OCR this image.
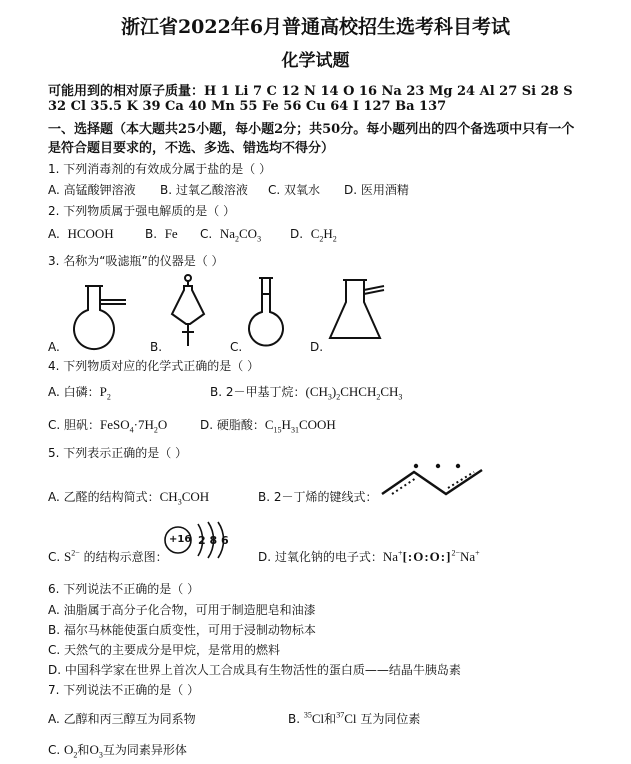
浙江省2022年6月普通高校招生选考科目考试
化学试题
可能用到的相对原子质量：H 1 Li 7 C 12 N 14 O 16 Na 23 Mg 24 Al 27 Si 28 S
32 Cl 35.5 K 39 Ca 40 Mn 55 Fe 56 Cu 64 I 127 Ba 137
一、选择题（本大题共25小题，每小题2分；共50分。每小题列出的四个备选项中只有一个
是符合题目要求的，不选、多选、错选均不得分）
1. 下列消毒剂的有效成分属于盐的是（ ）
A. 高锰酸钾溶液 B. 过氧乙酸溶液 C. 双氧水 D. 医用酒精
2. 下列物质属于强电解质的是（ ）
A. HCOOH	B. Fe C. $Na_2CO_3$ D. $C_2H_2$
3. 名称为“吸滤瓶”的仪器是（ ）
A.	B.	C.	D.
4. 下列物质对应的化学式正确的是（ ）
A. 白磷：$P_2$	B. 2－甲基丁烷：$(CH_3)_2CHCH_2CH_3$
C. 胆矾：$FeSO_4\cdot 7H_2O$	D. 硬脂酸：$C_{15}H_{31}COOH$
5. 下列表示正确的是（ ）
A. 乙醛的结构简式：$CH_3COH$	B. 2－丁烯的键线式：
C. $S^{2-}$ 的结构示意图：
+16 2 8 6
D. 过氧化钠的电子式：Na+[:O:O:]$^{2-}$Na+
6. 下列说法不正确的是（ ）
A. 油脂属于高分子化合物，可用于制造肥皂和油漆
B. 福尔马林能使蛋白质变性，可用于浸制动物标本
C. 天然气的主要成分是甲烷，是常用的燃料
D. 中国科学家在世界上首次人工合成具有生物活性的蛋白质——结晶牛胰岛素
7. 下列说法不正确的是（ ）
A. 乙醇和丙三醇互为同系物	B. $^{35}$Cl和$^{37}$Cl 互为同位素
C. $O_2$和$O_3$互为同素异形体
